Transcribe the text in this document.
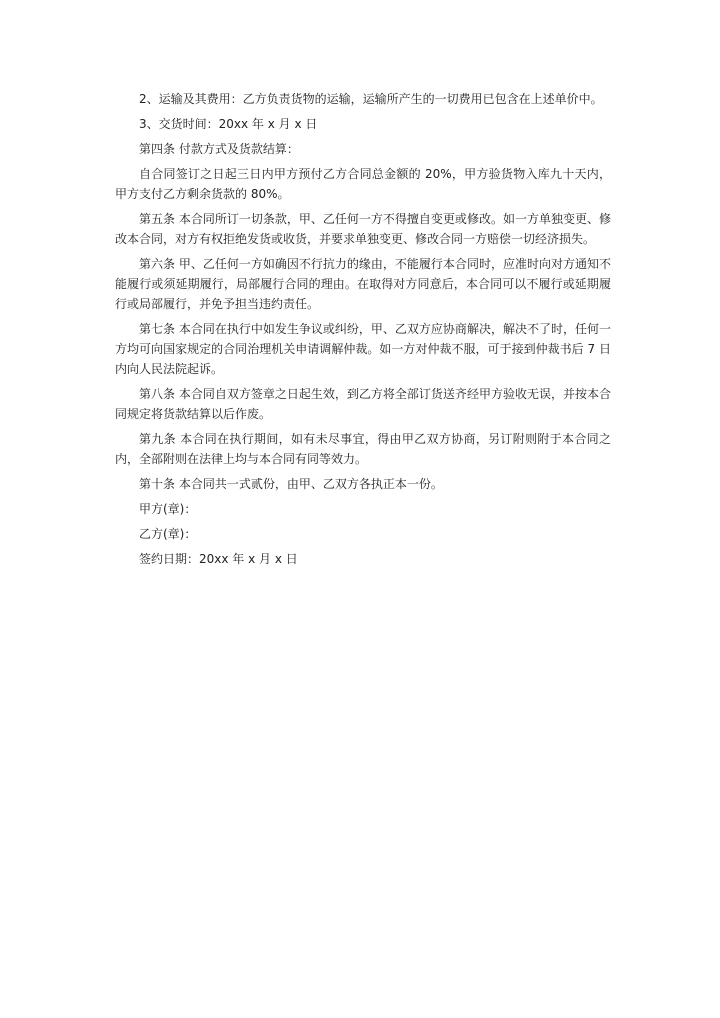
2、运输及其费用：乙方负责货物的运输，运输所产生的一切费用已包含在上述单价中。

3、交货时间：20xx 年 x 月 x 日

第四条 付款方式及货款结算：

自合同签订之日起三日内甲方预付乙方合同总金额的 20%，甲方验货物入库九十天内，甲方支付乙方剩余货款的 80%。

第五条 本合同所订一切条款，甲、乙任何一方不得擅自变更或修改。如一方单独变更、修改本合同，对方有权拒绝发货或收货，并要求单独变更、修改合同一方赔偿一切经济损失。

第六条 甲、乙任何一方如确因不行抗力的缘由，不能履行本合同时，应准时向对方通知不能履行或须延期履行，局部履行合同的理由。在取得对方同意后，本合同可以不履行或延期履行或局部履行，并免予担当违约责任。

第七条 本合同在执行中如发生争议或纠纷，甲、乙双方应协商解决，解决不了时，任何一方均可向国家规定的合同治理机关申请调解仲裁。如一方对仲裁不服，可于接到仲裁书后 7 日内向人民法院起诉。

第八条 本合同自双方签章之日起生效，到乙方将全部订货送齐经甲方验收无误，并按本合同规定将货款结算以后作废。

第九条 本合同在执行期间，如有未尽事宜，得由甲乙双方协商，另订附则附于本合同之内，全部附则在法律上均与本合同有同等效力。

第十条 本合同共一式贰份，由甲、乙双方各执正本一份。

甲方(章)：

乙方(章)：

签约日期：20xx 年 x 月 x 日
